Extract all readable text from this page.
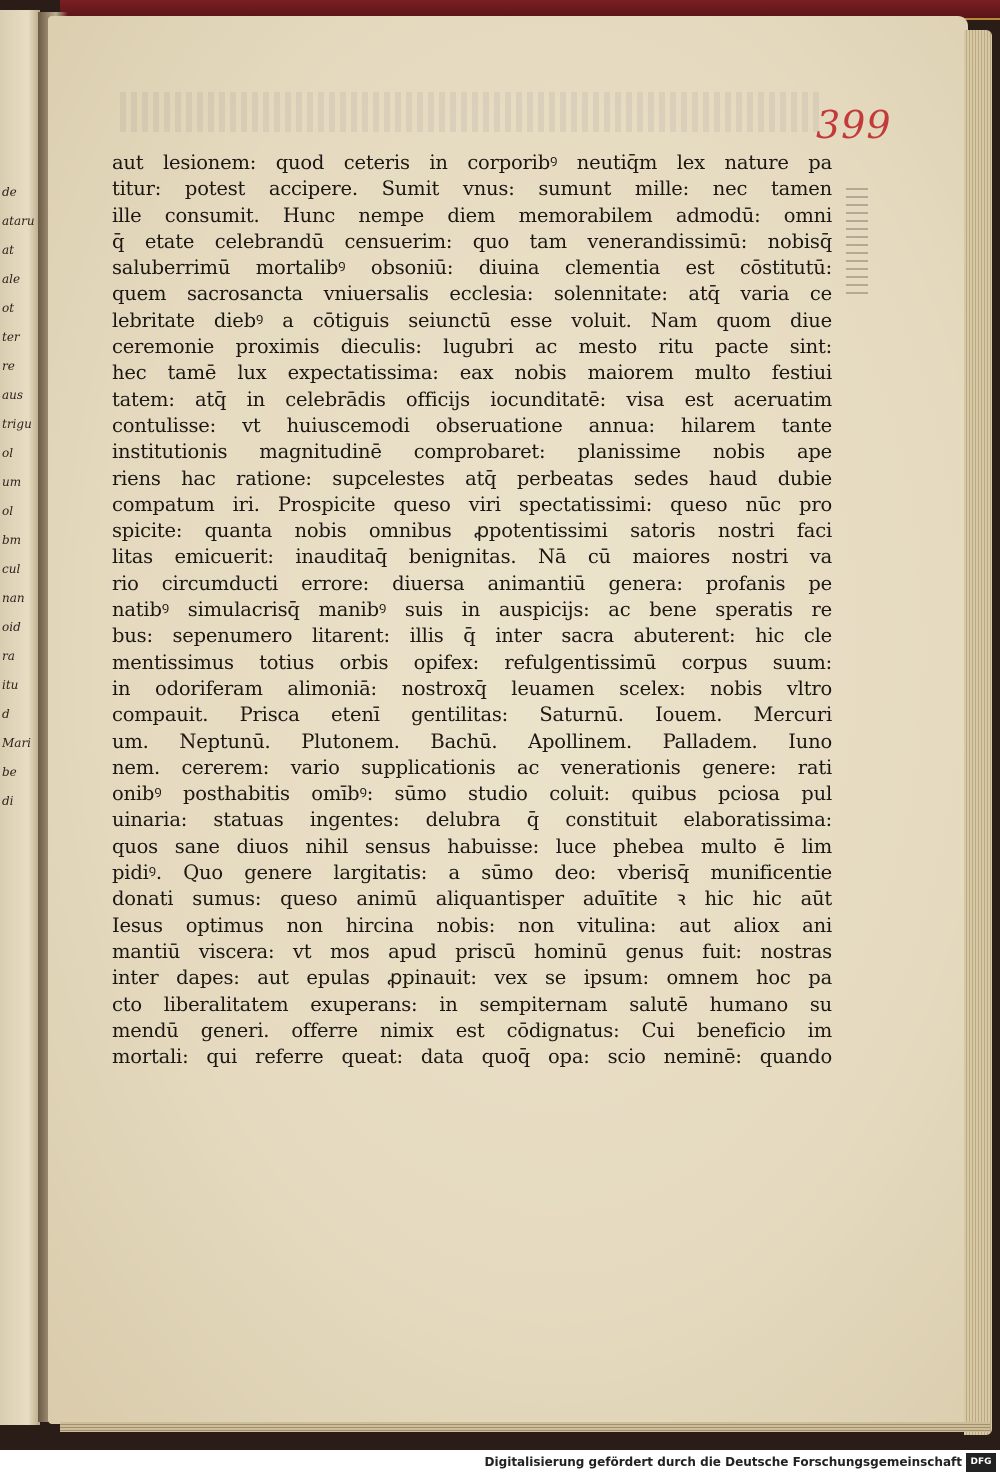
de
ataru
at
ale
ot
ter
re
aus
trigu
ol
um
ol
bm
cul
nan
oid
ra
itu
d
Mari
be
di
399
aut lesionem: quod ceteris in corporibꝰ neutiq̄m lex nature pa
titur: potest accipere. Sumit vnus: sumunt mille: nec tamen
ille consumit. Hunc nempe diem memorabilem admodū: omni
q̄ etate celebrandū censuerim: quo tam venerandissimū: nobisq̄
saluberrimū mortalibꝰ obsoniū: diuina clementia est cōstitutū:
quem sacrosancta vniuersalis ecclesia: solennitate: atq̄ varia ce
lebritate diebꝰ a cōtiguis seiunctū esse voluit. Nam quom diue
ceremonie proximis dieculis: lugubri ac mesto ritu pacte sint:
hec tamē lux expectatissima: eax nobis maiorem multo festiui
tatem: atq̄ in celebrādis officijs iocunditatē: visa est aceruatim
contulisse: vt huiuscemodi obseruatione annua: hilarem tante
institutionis magnitudinē comprobaret: planissime nobis ape
riens hac ratione: supcelestes atq̄ perbeatas sedes haud dubie
compatum iri. Prospicite queso viri spectatissimi: queso nūc pro
spicite: quanta nobis omnibus ꝓpotentissimi satoris nostri faci
litas emicuerit: inauditaq̄ benignitas. Nā cū maiores nostri va
rio circumducti errore: diuersa animantiū genera: profanis pe
natibꝰ simulacrisq̄ manibꝰ suis in auspicijs: ac bene speratis re
bus: sepenumero litarent: illis q̄ inter sacra abuterent: hic cle
mentissimus totius orbis opifex: refulgentissimū corpus suum:
in odoriferam alimoniā: nostroxq̄ leuamen scelex: nobis vltro
compauit. Prisca etenī gentilitas: Saturnū. Iouem. Mercuri
um. Neptunū. Plutonem. Bachū. Apollinem. Palladem. Iuno
nem. cererem: vario supplicationis ac venerationis genere: rati
onibꝰ posthabitis omībꝰ: sūmo studio coluit: quibus pciosa pul
uinaria: statuas ingentes: delubra q̄ constituit elaboratissima:
quos sane diuos nihil sensus habuisse: luce phebea multo ē lim
pidiꝰ. Quo genere largitatis: a sūmo deo: vberisq̄ munificentie
donati sumus: queso animū aliquantisper aduītite ꝛ hic hic aūt
Iesus optimus non hircina nobis: non vitulina: aut aliox ani
mantiū viscera: vt mos apud priscū hominū genus fuit: nostras
inter dapes: aut epulas ꝓpinauit: vex se ipsum: omnem hoc pa
cto liberalitatem exuperans: in sempiternam salutē humano su
mendū generi. offerre nimix est cōdignatus: Cui beneficio im
mortali: qui referre queat: data quoq̄ opa: scio neminē: quando
Digitalisierung gefördert durch die Deutsche Forschungsgemeinschaft DFG
